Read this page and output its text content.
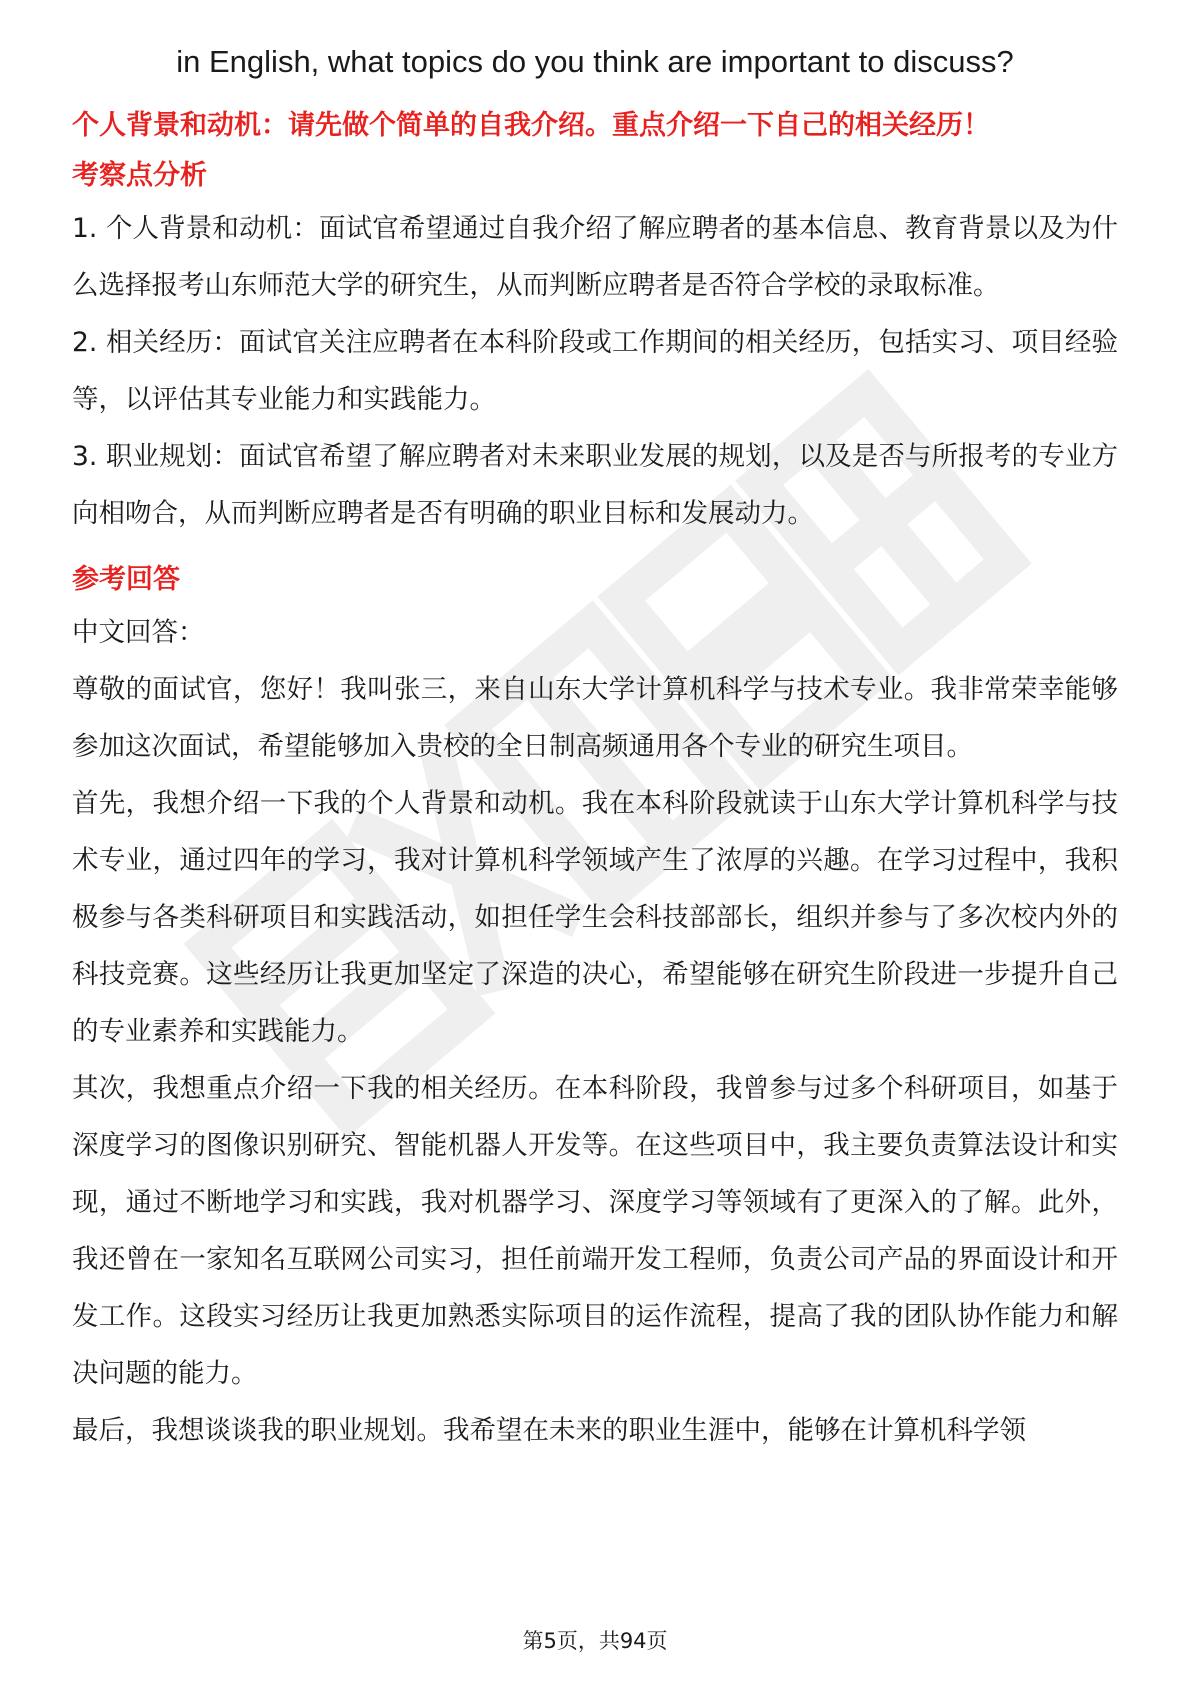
in English, what topics do you think are important to discuss?

个人背景和动机：请先做个简单的自我介绍。重点介绍一下自己的相关经历！

考察点分析

1. 个人背景和动机：面试官希望通过自我介绍了解应聘者的基本信息、教育背景以及为什么选择报考山东师范大学的研究生，从而判断应聘者是否符合学校的录取标准。

2. 相关经历：面试官关注应聘者在本科阶段或工作期间的相关经历，包括实习、项目经验等，以评估其专业能力和实践能力。

3. 职业规划：面试官希望了解应聘者对未来职业发展的规划，以及是否与所报考的专业方向相吻合，从而判断应聘者是否有明确的职业目标和发展动力。

参考回答

中文回答：

尊敬的面试官，您好！我叫张三，来自山东大学计算机科学与技术专业。我非常荣幸能够参加这次面试，希望能够加入贵校的全日制高频通用各个专业的研究生项目。

首先，我想介绍一下我的个人背景和动机。我在本科阶段就读于山东大学计算机科学与技术专业，通过四年的学习，我对计算机科学领域产生了浓厚的兴趣。在学习过程中，我积极参与各类科研项目和实践活动，如担任学生会科技部部长，组织并参与了多次校内外的科技竞赛。这些经历让我更加坚定了深造的决心，希望能够在研究生阶段进一步提升自己的专业素养和实践能力。

其次，我想重点介绍一下我的相关经历。在本科阶段，我曾参与过多个科研项目，如基于深度学习的图像识别研究、智能机器人开发等。在这些项目中，我主要负责算法设计和实现，通过不断地学习和实践，我对机器学习、深度学习等领域有了更深入的了解。此外，我还曾在一家知名互联网公司实习，担任前端开发工程师，负责公司产品的界面设计和开发工作。这段实习经历让我更加熟悉实际项目的运作流程，提高了我的团队协作能力和解决问题的能力。

最后，我想谈谈我的职业规划。我希望在未来的职业生涯中，能够在计算机科学领

第5页，共94页
